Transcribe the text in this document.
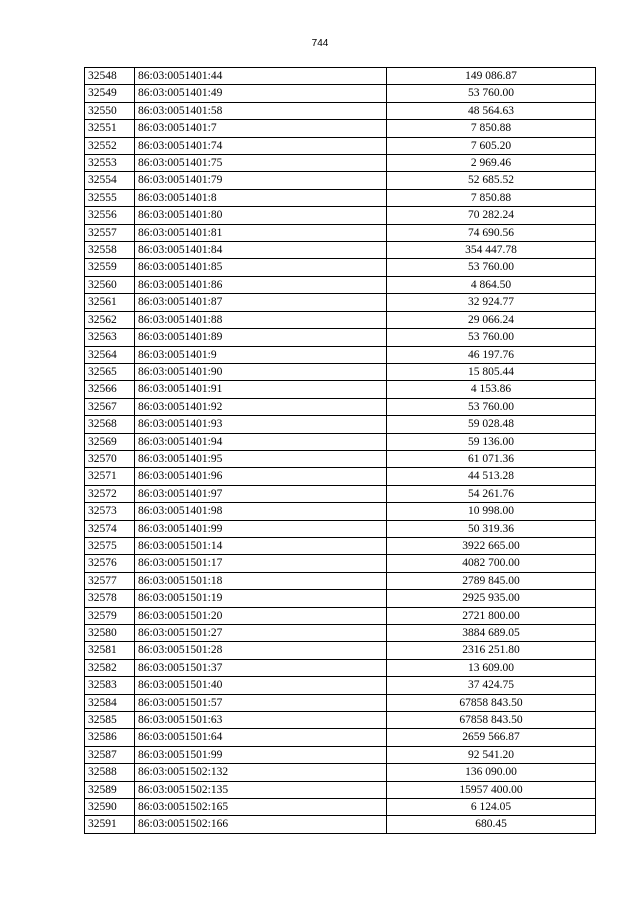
744
32548	86:03:0051401:44	149 086.87
32549	86:03:0051401:49	53 760.00
32550	86:03:0051401:58	48 564.63
32551	86:03:0051401:7	7 850.88
32552	86:03:0051401:74	7 605.20
32553	86:03:0051401:75	2 969.46
32554	86:03:0051401:79	52 685.52
32555	86:03:0051401:8	7 850.88
32556	86:03:0051401:80	70 282.24
32557	86:03:0051401:81	74 690.56
32558	86:03:0051401:84	354 447.78
32559	86:03:0051401:85	53 760.00
32560	86:03:0051401:86	4 864.50
32561	86:03:0051401:87	32 924.77
32562	86:03:0051401:88	29 066.24
32563	86:03:0051401:89	53 760.00
32564	86:03:0051401:9	46 197.76
32565	86:03:0051401:90	15 805.44
32566	86:03:0051401:91	4 153.86
32567	86:03:0051401:92	53 760.00
32568	86:03:0051401:93	59 028.48
32569	86:03:0051401:94	59 136.00
32570	86:03:0051401:95	61 071.36
32571	86:03:0051401:96	44 513.28
32572	86:03:0051401:97	54 261.76
32573	86:03:0051401:98	10 998.00
32574	86:03:0051401:99	50 319.36
32575	86:03:0051501:14	3922 665.00
32576	86:03:0051501:17	4082 700.00
32577	86:03:0051501:18	2789 845.00
32578	86:03:0051501:19	2925 935.00
32579	86:03:0051501:20	2721 800.00
32580	86:03:0051501:27	3884 689.05
32581	86:03:0051501:28	2316 251.80
32582	86:03:0051501:37	13 609.00
32583	86:03:0051501:40	37 424.75
32584	86:03:0051501:57	67858 843.50
32585	86:03:0051501:63	67858 843.50
32586	86:03:0051501:64	2659 566.87
32587	86:03:0051501:99	92 541.20
32588	86:03:0051502:132	136 090.00
32589	86:03:0051502:135	15957 400.00
32590	86:03:0051502:165	6 124.05
32591	86:03:0051502:166	680.45
